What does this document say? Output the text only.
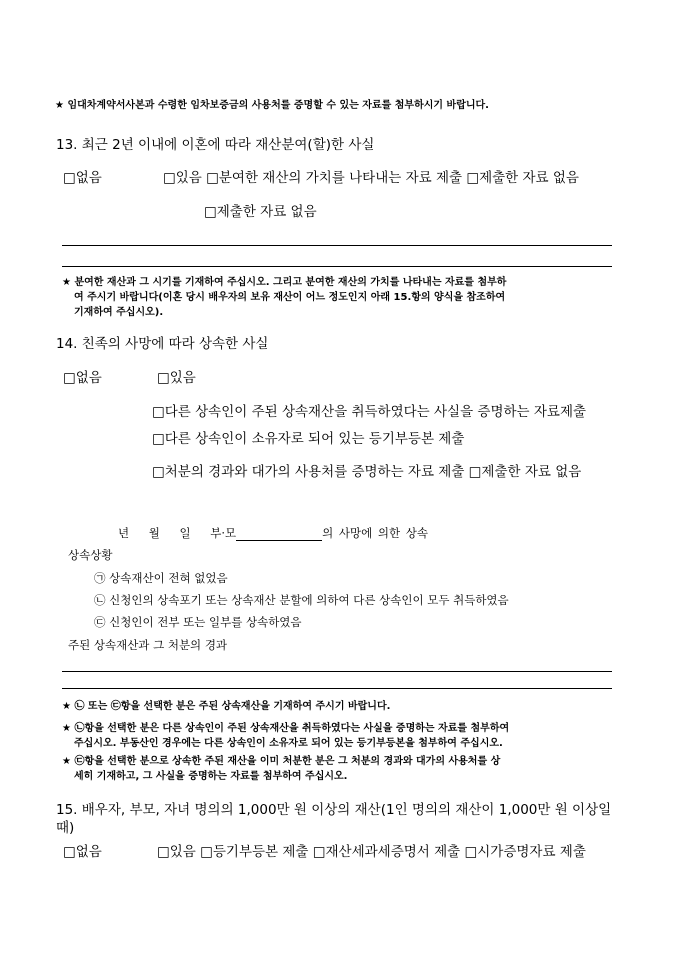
★ 임대차계약서사본과 수령한 임차보증금의 사용처를 증명할 수 있는 자료를 첨부하시기 바랍니다.
13. 최근 2년 이내에 이혼에 따라 재산분여(할)한 사실
□없음	□있음 □분여한 재산의 가치를 나타내는 자료 제출 □제출한 자료 없음
□제출한 자료 없음
★ 분여한 재산과 그 시기를 기재하여 주십시오. 그리고 분여한 재산의 가치를 나타내는 자료를 첨부하
여 주시기 바랍니다(이혼 당시 배우자의 보유 재산이 어느 정도인지 아래 15.항의 양식을 참조하여
기재하여 주십시오).
14. 친족의 사망에 따라 상속한 사실
□없음	□있음
□다른 상속인이 주된 상속재산을 취득하였다는 사실을 증명하는 자료제출
□다른 상속인이 소유자로 되어 있는 등기부등본 제출
□처분의 경과와 대가의 사용처를 증명하는 자료 제출 □제출한 자료 없음
년 월 일 부·모	의 사망에 의한 상속
상속상황
㉠ 상속재산이 전혀 없었음
㉡ 신청인의 상속포기 또는 상속재산 분할에 의하여 다른 상속인이 모두 취득하였음
㉢ 신청인이 전부 또는 일부를 상속하였음
주된 상속재산과 그 처분의 경과
★ ㉡ 또는 ㉢항을 선택한 분은 주된 상속재산을 기재하여 주시기 바랍니다.
★ ㉡항을 선택한 분은 다른 상속인이 주된 상속재산을 취득하였다는 사실을 증명하는 자료를 첨부하여
주십시오. 부동산인 경우에는 다른 상속인이 소유자로 되어 있는 등기부등본을 첨부하여 주십시오.
★ ㉢항을 선택한 분으로 상속한 주된 재산을 이미 처분한 분은 그 처분의 경과와 대가의 사용처를 상
세히 기재하고, 그 사실을 증명하는 자료를 첨부하여 주십시오.
15. 배우자, 부모, 자녀 명의의 1,000만 원 이상의 재산(1인 명의의 재산이 1,000만 원 이상일
때)
□없음	□있음 □등기부등본 제출 □재산세과세증명서 제출 □시가증명자료 제출
